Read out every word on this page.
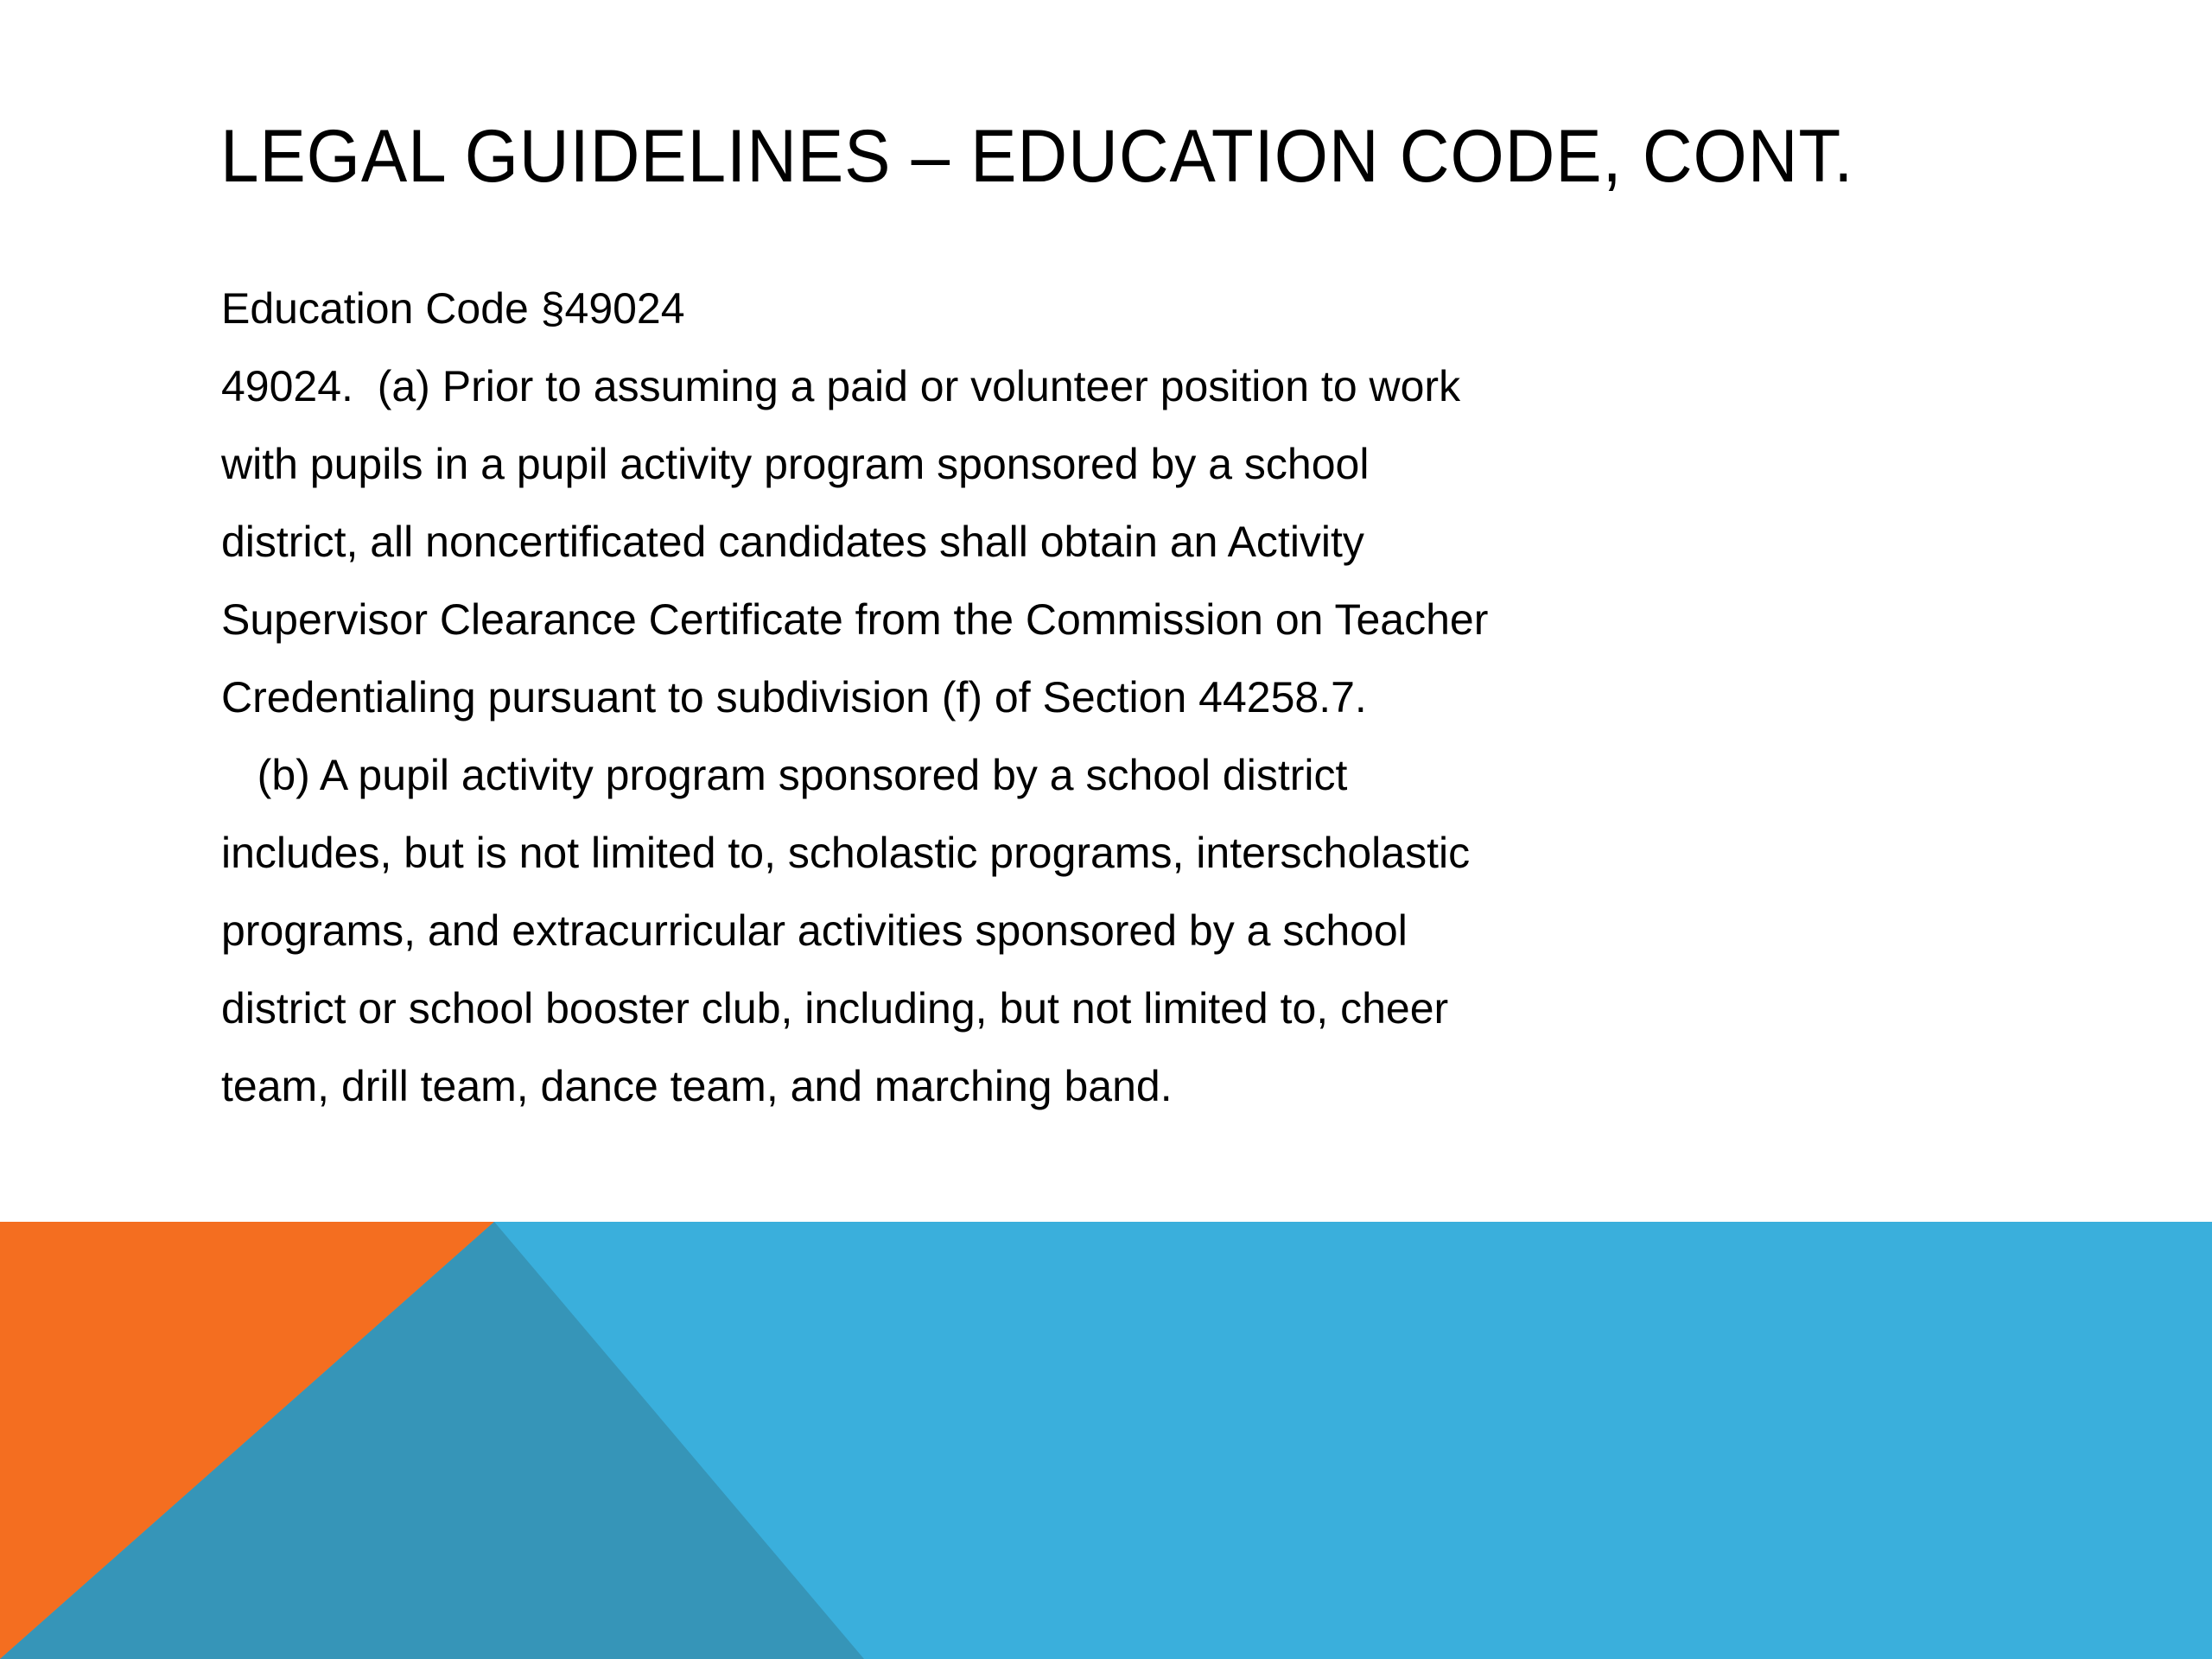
LEGAL GUIDELINES – EDUCATION CODE, CONT.
Education Code §49024
49024.  (a) Prior to assuming a paid or volunteer position to work
with pupils in a pupil activity program sponsored by a school
district, all noncertificated candidates shall obtain an Activity
Supervisor Clearance Certificate from the Commission on Teacher
Credentialing pursuant to subdivision (f) of Section 44258.7.
(b) A pupil activity program sponsored by a school district
includes, but is not limited to, scholastic programs, interscholastic
programs, and extracurricular activities sponsored by a school
district or school booster club, including, but not limited to, cheer
team, drill team, dance team, and marching band.
